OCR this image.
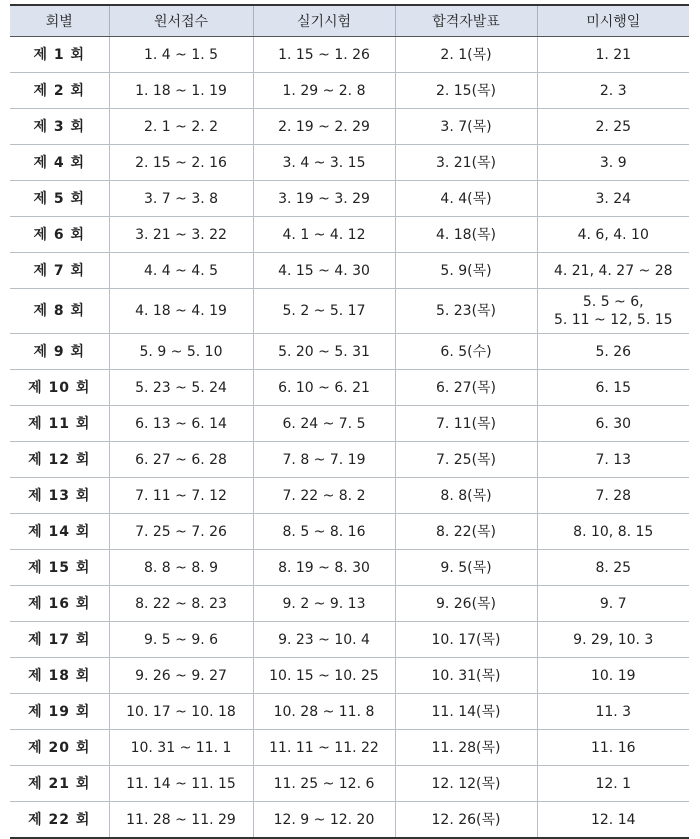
회별	원서접수	실기시험	합격자발표	미시행일
제 1 회	1. 4 ~ 1. 5	1. 15 ~ 1. 26	2. 1(목)	1. 21
제 2 회	1. 18 ~ 1. 19	1. 29 ~ 2. 8	2. 15(목)	2. 3
제 3 회	2. 1 ~ 2. 2	2. 19 ~ 2. 29	3. 7(목)	2. 25
제 4 회	2. 15 ~ 2. 16	3. 4 ~ 3. 15	3. 21(목)	3. 9
제 5 회	3. 7 ~ 3. 8	3. 19 ~ 3. 29	4. 4(목)	3. 24
제 6 회	3. 21 ~ 3. 22	4. 1 ~ 4. 12	4. 18(목)	4. 6, 4. 10
제 7 회	4. 4 ~ 4. 5	4. 15 ~ 4. 30	5. 9(목)	4. 21, 4. 27 ~ 28
제 8 회	4. 18 ~ 4. 19	5. 2 ~ 5. 17	5. 23(목)	5. 5 ~ 6,
5. 11 ~ 12, 5. 15
제 9 회	5. 9 ~ 5. 10	5. 20 ~ 5. 31	6. 5(수)	5. 26
제 10 회	5. 23 ~ 5. 24	6. 10 ~ 6. 21	6. 27(목)	6. 15
제 11 회	6. 13 ~ 6. 14	6. 24 ~ 7. 5	7. 11(목)	6. 30
제 12 회	6. 27 ~ 6. 28	7. 8 ~ 7. 19	7. 25(목)	7. 13
제 13 회	7. 11 ~ 7. 12	7. 22 ~ 8. 2	8. 8(목)	7. 28
제 14 회	7. 25 ~ 7. 26	8. 5 ~ 8. 16	8. 22(목)	8. 10, 8. 15
제 15 회	8. 8 ~ 8. 9	8. 19 ~ 8. 30	9. 5(목)	8. 25
제 16 회	8. 22 ~ 8. 23	9. 2 ~ 9. 13	9. 26(목)	9. 7
제 17 회	9. 5 ~ 9. 6	9. 23 ~ 10. 4	10. 17(목)	9. 29, 10. 3
제 18 회	9. 26 ~ 9. 27	10. 15 ~ 10. 25	10. 31(목)	10. 19
제 19 회	10. 17 ~ 10. 18	10. 28 ~ 11. 8	11. 14(목)	11. 3
제 20 회	10. 31 ~ 11. 1	11. 11 ~ 11. 22	11. 28(목)	11. 16
제 21 회	11. 14 ~ 11. 15	11. 25 ~ 12. 6	12. 12(목)	12. 1
제 22 회	11. 28 ~ 11. 29	12. 9 ~ 12. 20	12. 26(목)	12. 14
